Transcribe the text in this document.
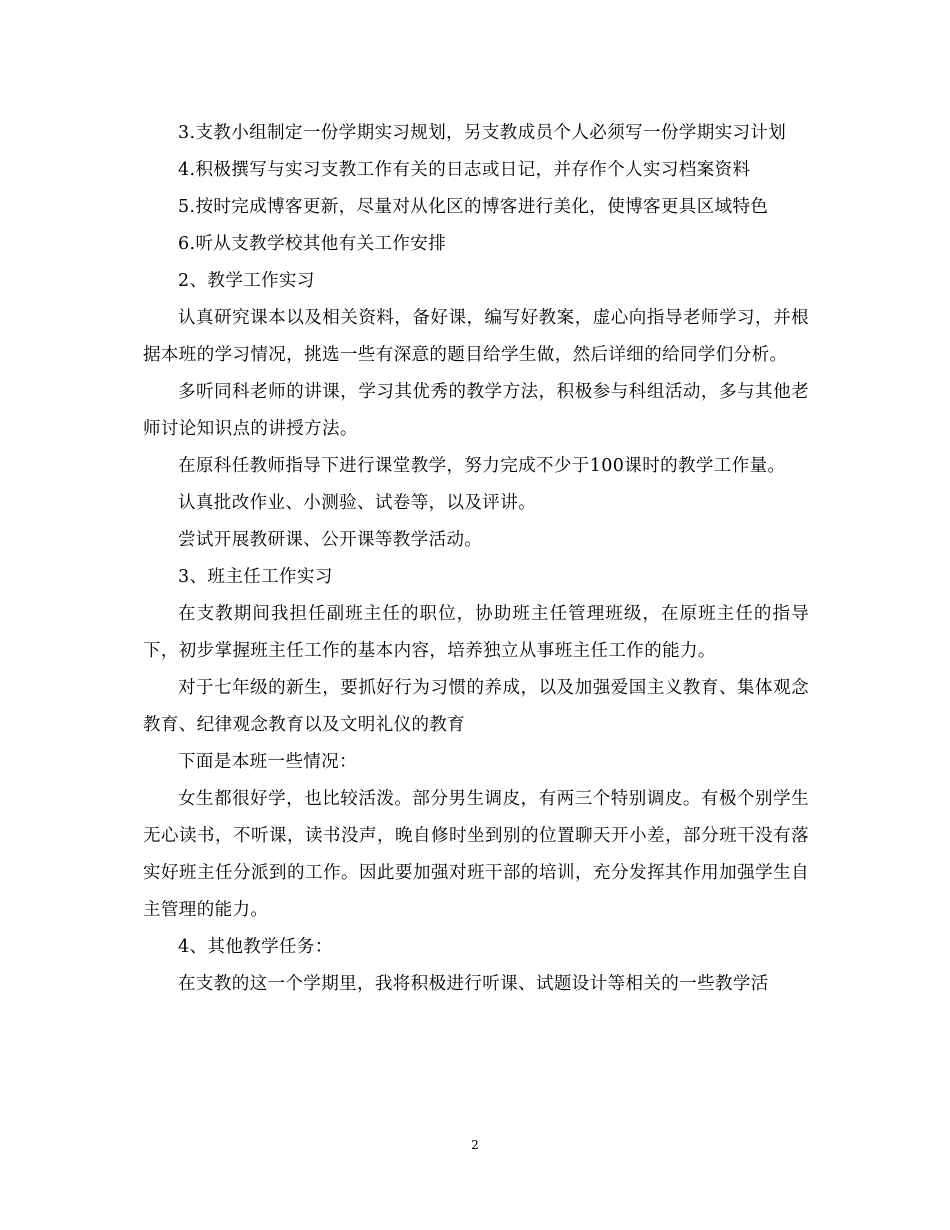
3.支教小组制定一份学期实习规划，另支教成员个人必须写一份学期实习计划

4.积极撰写与实习支教工作有关的日志或日记，并存作个人实习档案资料

5.按时完成博客更新，尽量对从化区的博客进行美化，使博客更具区域特色

6.听从支教学校其他有关工作安排

2、教学工作实习

认真研究课本以及相关资料，备好课，编写好教案，虚心向指导老师学习，并根据本班的学习情况，挑选一些有深意的题目给学生做，然后详细的给同学们分析。

多听同科老师的讲课，学习其优秀的教学方法，积极参与科组活动，多与其他老师讨论知识点的讲授方法。

在原科任教师指导下进行课堂教学，努力完成不少于100课时的教学工作量。

认真批改作业、小测验、试卷等，以及评讲。

尝试开展教研课、公开课等教学活动。

3、班主任工作实习

在支教期间我担任副班主任的职位，协助班主任管理班级，在原班主任的指导下，初步掌握班主任工作的基本内容，培养独立从事班主任工作的能力。

对于七年级的新生，要抓好行为习惯的养成，以及加强爱国主义教育、集体观念教育、纪律观念教育以及文明礼仪的教育

下面是本班一些情况：

女生都很好学，也比较活泼。部分男生调皮，有两三个特别调皮。有极个别学生无心读书，不听课，读书没声，晚自修时坐到别的位置聊天开小差，部分班干没有落实好班主任分派到的工作。因此要加强对班干部的培训，充分发挥其作用加强学生自主管理的能力。

4、其他教学任务：

在支教的这一个学期里，我将积极进行听课、试题设计等相关的一些教学活

2
